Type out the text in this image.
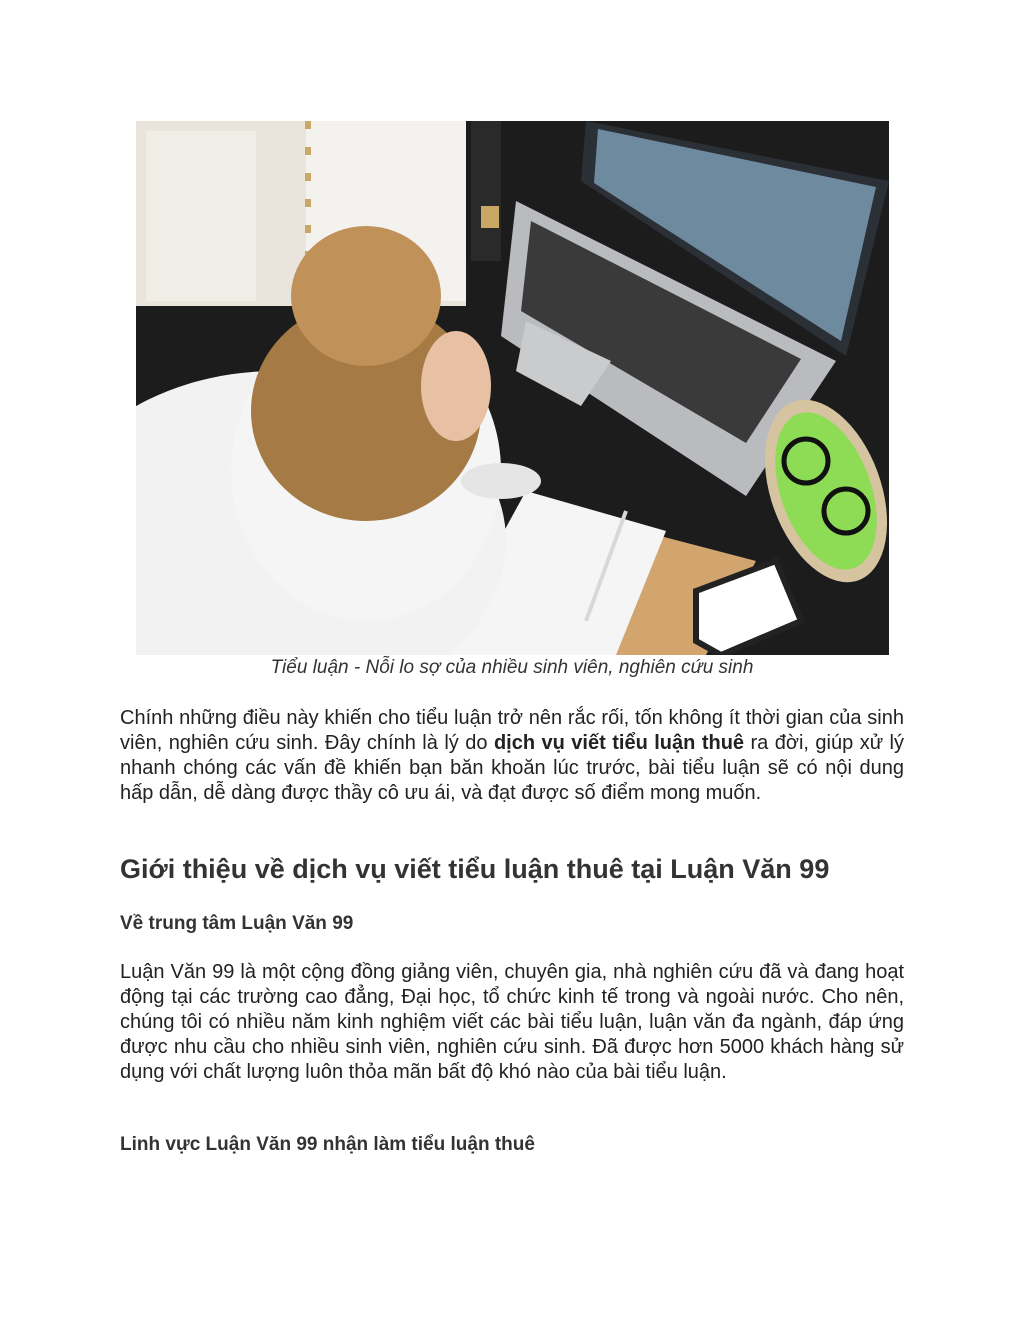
Tiểu luận - Nỗi lo sợ của nhiều sinh viên, nghiên cứu sinh

Chính những điều này khiến cho tiểu luận trở nên rắc rối, tốn không ít thời gian của sinh viên, nghiên cứu sinh. Đây chính là lý do dịch vụ viết tiểu luận thuê ra đời, giúp xử lý nhanh chóng các vấn đề khiến bạn băn khoăn lúc trước, bài tiểu luận sẽ có nội dung hấp dẫn, dễ dàng được thầy cô ưu ái, và đạt được số điểm mong muốn.

Giới thiệu về dịch vụ viết tiểu luận thuê tại Luận Văn 99
Về trung tâm Luận Văn 99

Luận Văn 99 là một cộng đồng giảng viên, chuyên gia, nhà nghiên cứu đã và đang hoạt động tại các trường cao đẳng, Đại học, tổ chức kinh tế trong và ngoài nước. Cho nên, chúng tôi có nhiều năm kinh nghiệm viết các bài tiểu luận, luận văn đa ngành, đáp ứng được nhu cầu cho nhiều sinh viên, nghiên cứu sinh. Đã được hơn 5000 khách hàng sử dụng với chất lượng luôn thỏa mãn bất độ khó nào của bài tiểu luận.

Linh vực Luận Văn 99 nhận làm tiểu luận thuê
